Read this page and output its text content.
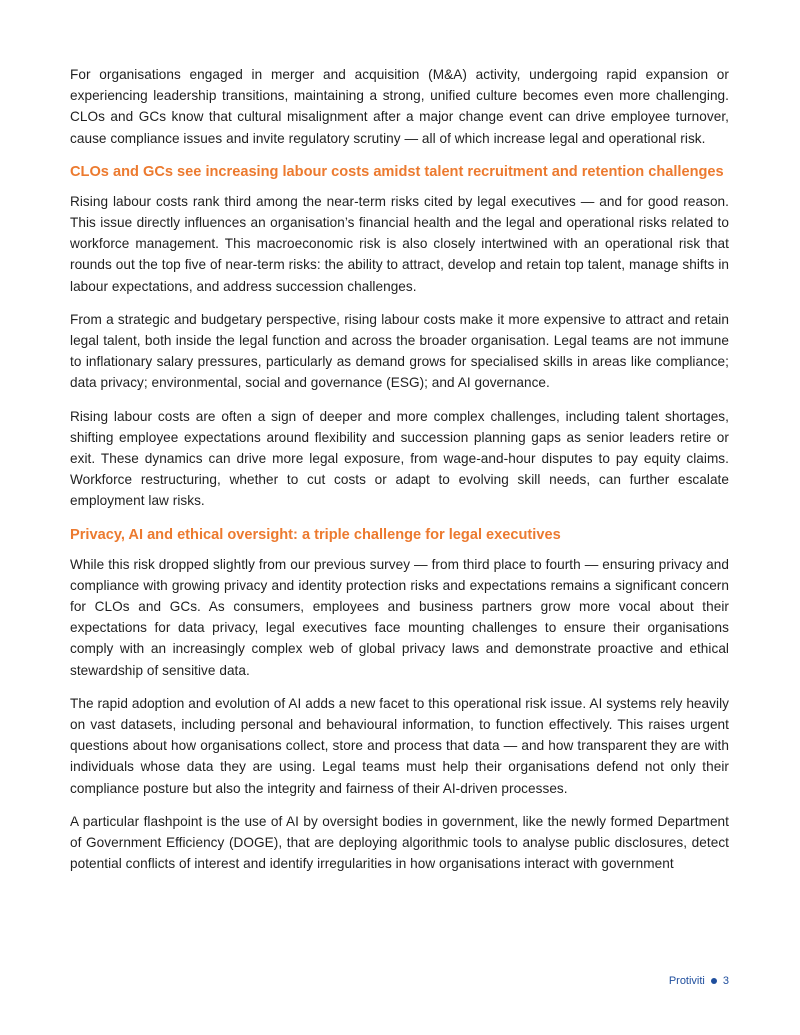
For organisations engaged in merger and acquisition (M&A) activity, undergoing rapid expansion or experiencing leadership transitions, maintaining a strong, unified culture becomes even more challenging. CLOs and GCs know that cultural misalignment after a major change event can drive employee turnover, cause compliance issues and invite regulatory scrutiny — all of which increase legal and operational risk.

CLOs and GCs see increasing labour costs amidst talent recruitment and retention challenges

Rising labour costs rank third among the near-term risks cited by legal executives — and for good reason. This issue directly influences an organisation’s financial health and the legal and operational risks related to workforce management. This macroeconomic risk is also closely intertwined with an operational risk that rounds out the top five of near-term risks: the ability to attract, develop and retain top talent, manage shifts in labour expectations, and address succession challenges.

From a strategic and budgetary perspective, rising labour costs make it more expensive to attract and retain legal talent, both inside the legal function and across the broader organisation. Legal teams are not immune to inflationary salary pressures, particularly as demand grows for specialised skills in areas like compliance; data privacy; environmental, social and governance (ESG); and AI governance.

Rising labour costs are often a sign of deeper and more complex challenges, including talent shortages, shifting employee expectations around flexibility and succession planning gaps as senior leaders retire or exit. These dynamics can drive more legal exposure, from wage-and-hour disputes to pay equity claims. Workforce restructuring, whether to cut costs or adapt to evolving skill needs, can further escalate employment law risks.

Privacy, AI and ethical oversight: a triple challenge for legal executives

While this risk dropped slightly from our previous survey — from third place to fourth — ensuring privacy and compliance with growing privacy and identity protection risks and expectations remains a significant concern for CLOs and GCs. As consumers, employees and business partners grow more vocal about their expectations for data privacy, legal executives face mounting challenges to ensure their organisations comply with an increasingly complex web of global privacy laws and demonstrate proactive and ethical stewardship of sensitive data.

The rapid adoption and evolution of AI adds a new facet to this operational risk issue. AI systems rely heavily on vast datasets, including personal and behavioural information, to function effectively. This raises urgent questions about how organisations collect, store and process that data — and how transparent they are with individuals whose data they are using. Legal teams must help their organisations defend not only their compliance posture but also the integrity and fairness of their AI-driven processes.

A particular flashpoint is the use of AI by oversight bodies in government, like the newly formed Department of Government Efficiency (DOGE), that are deploying algorithmic tools to analyse public disclosures, detect potential conflicts of interest and identify irregularities in how organisations interact with government

Protiviti 3
